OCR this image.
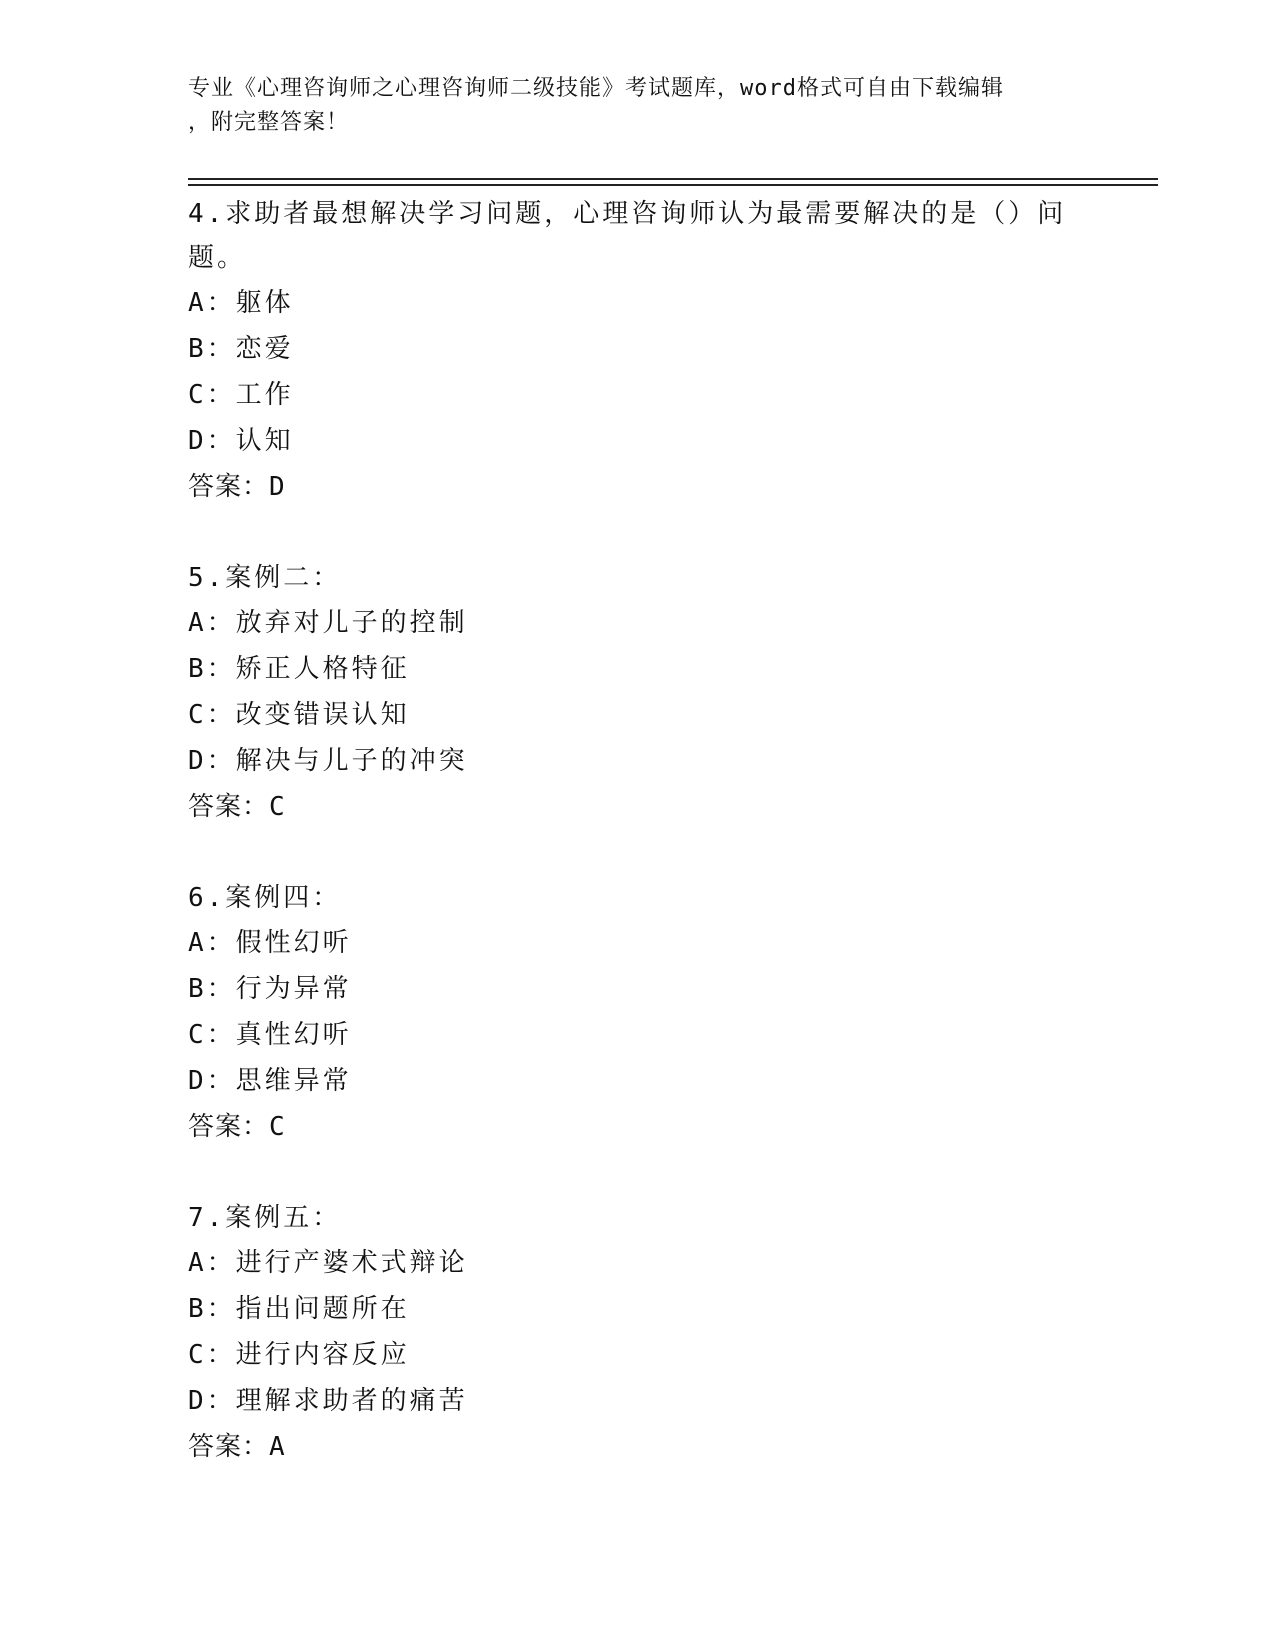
专业《心理咨询师之心理咨询师二级技能》考试题库，word格式可自由下载编辑
，附完整答案！
4.求助者最想解决学习问题，心理咨询师认为最需要解决的是（）问题。
A：躯体
B：恋爱
C：工作
D：认知
答案：D
5.案例二：
A：放弃对儿子的控制
B：矫正人格特征
C：改变错误认知
D：解决与儿子的冲突
答案：C
6.案例四：
A：假性幻听
B：行为异常
C：真性幻听
D：思维异常
答案：C
7.案例五：
A：进行产婆术式辩论
B：指出问题所在
C：进行内容反应
D：理解求助者的痛苦
答案：A
